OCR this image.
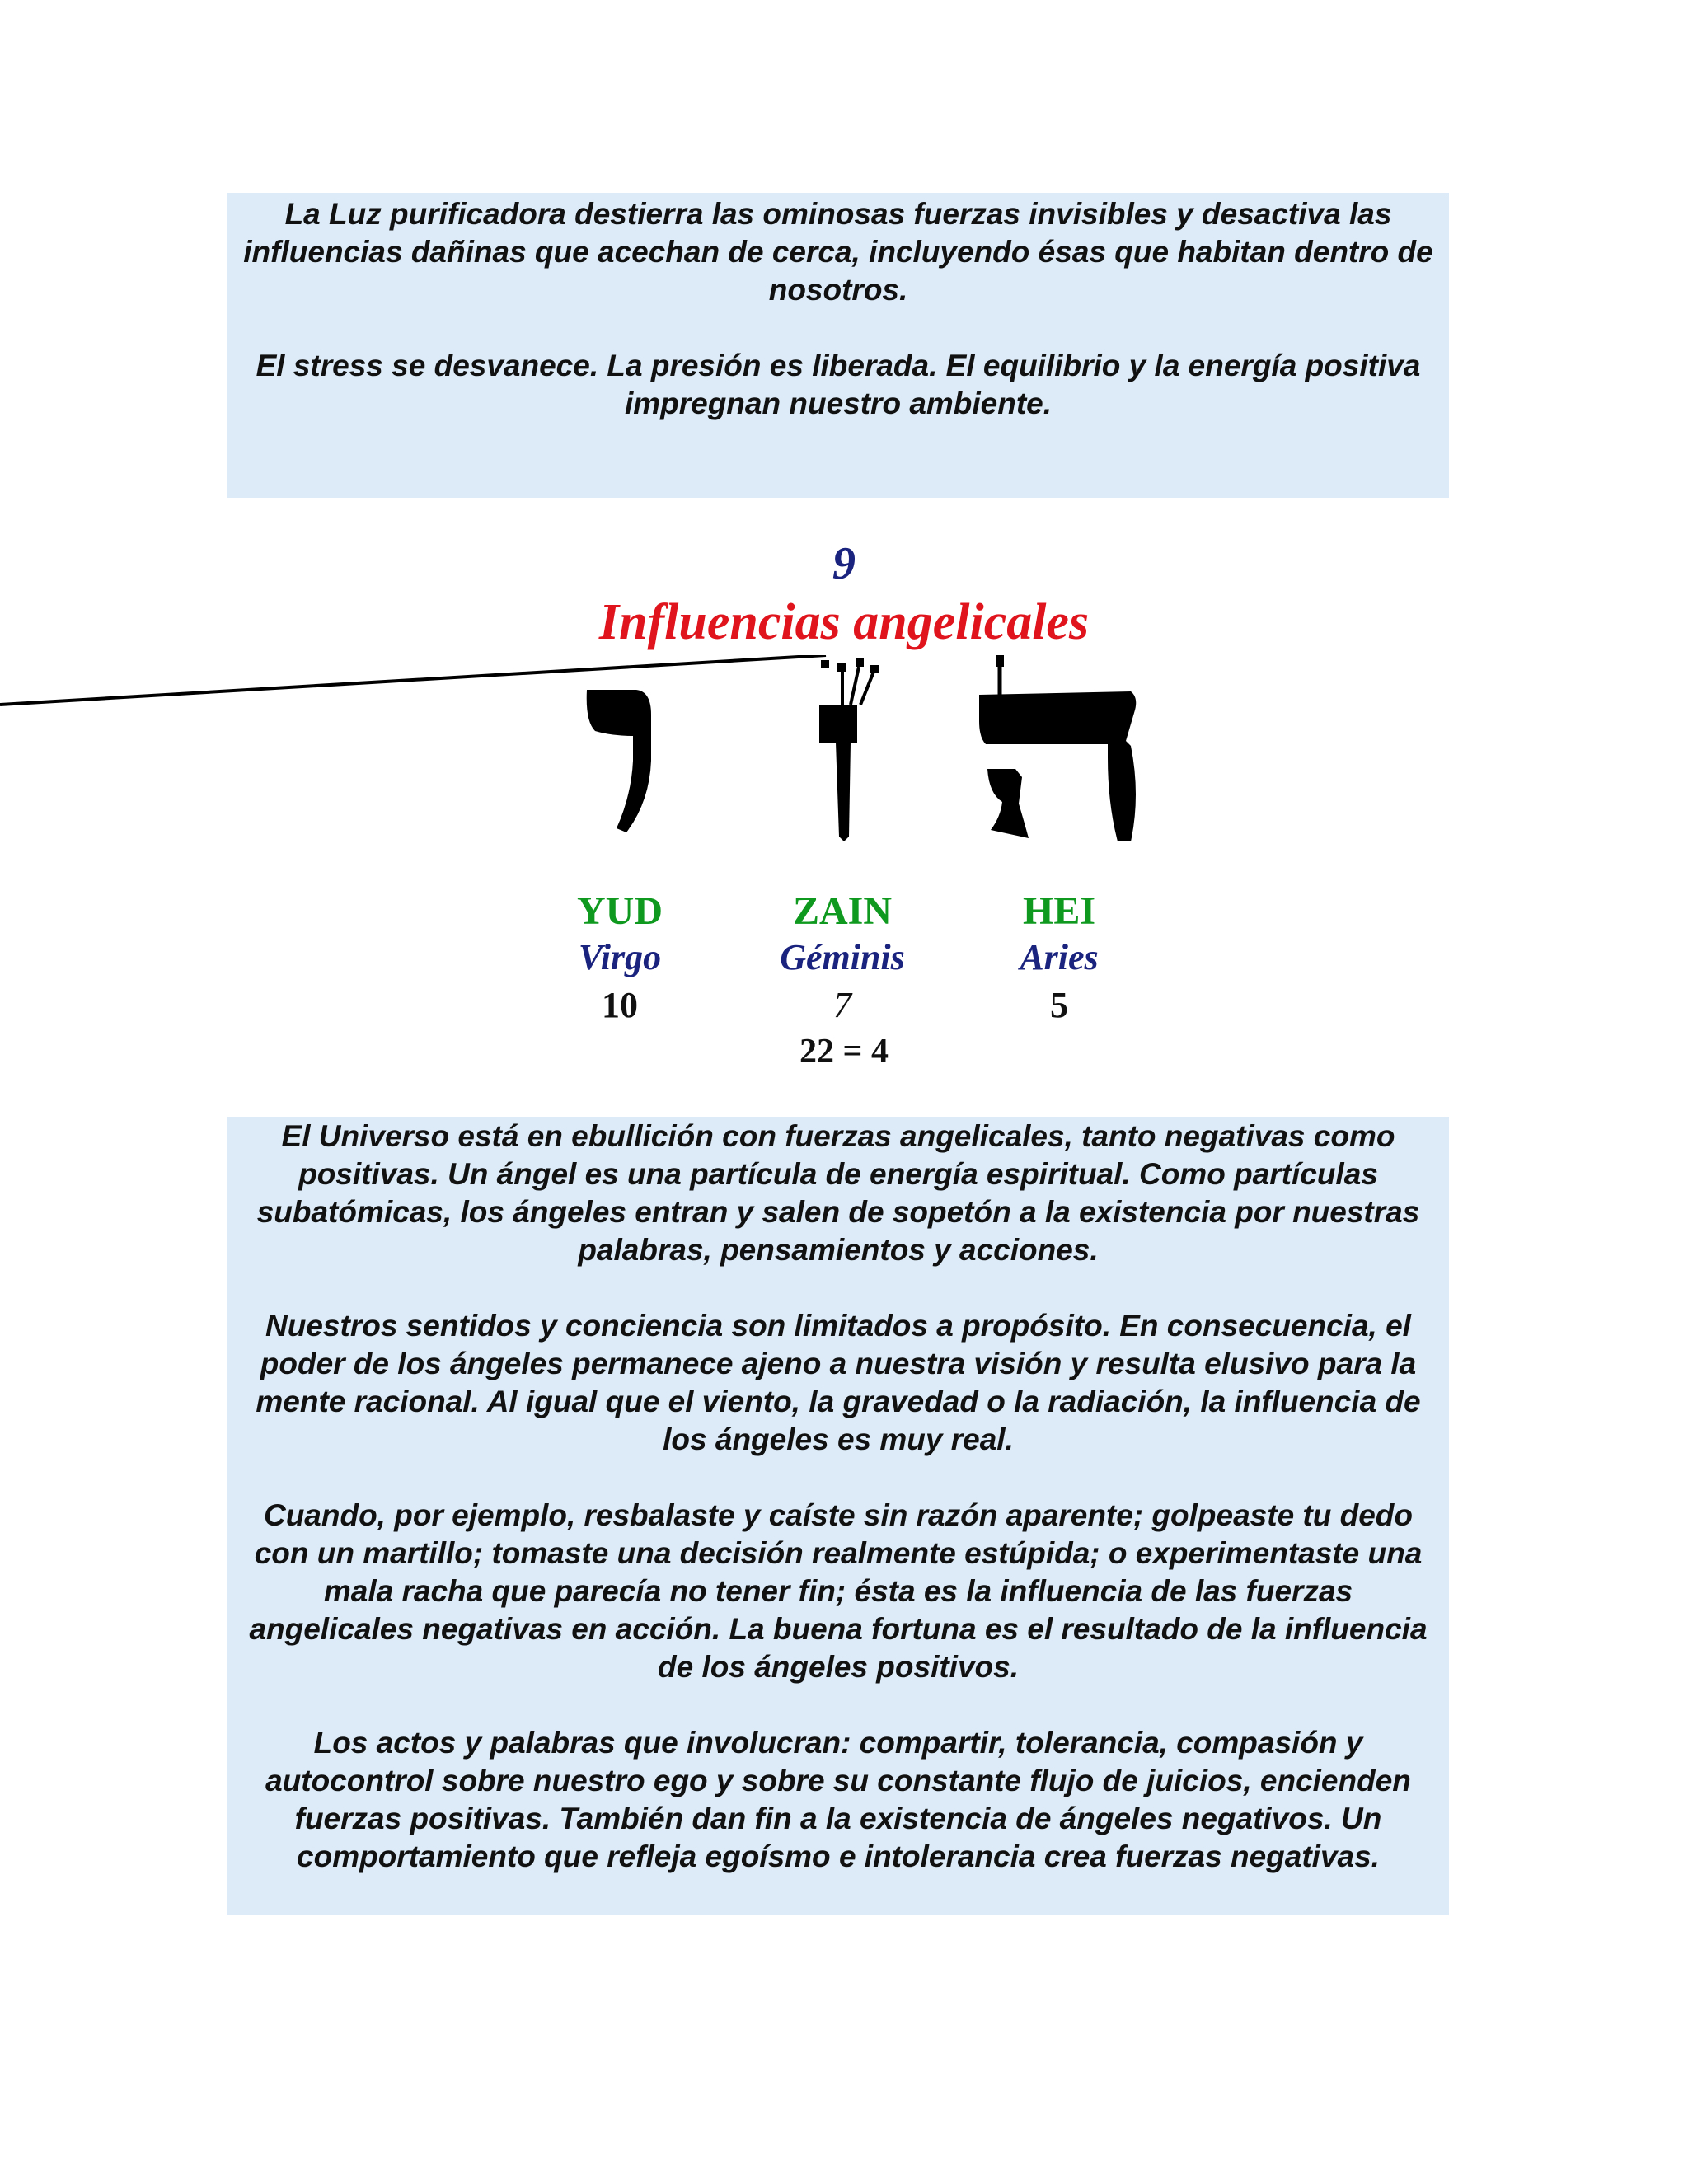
La Luz purificadora destierra las ominosas fuerzas invisibles y desactiva las influencias dañinas que acechan de cerca, incluyendo ésas que habitan dentro de nosotros.

El stress se desvanece. La presión es liberada. El equilibrio y la energía positiva impregnan nuestro ambiente.

9
Influencias angelicales
YUD
Virgo
10
ZAIN
Géminis
7
HEI
Aries
5
22 = 4

El Universo está en ebullición con fuerzas angelicales, tanto negativas como positivas. Un ángel es una partícula de energía espiritual. Como partículas subatómicas, los ángeles entran y salen de sopetón a la existencia por nuestras palabras, pensamientos y acciones.

Nuestros sentidos y conciencia son limitados a propósito. En consecuencia, el poder de los ángeles permanece ajeno a nuestra visión y resulta elusivo para la mente racional. Al igual que el viento, la gravedad o la radiación, la influencia de los ángeles es muy real.

Cuando, por ejemplo, resbalaste y caíste sin razón aparente; golpeaste tu dedo con un martillo; tomaste una decisión realmente estúpida; o experimentaste una mala racha que parecía no tener fin; ésta es la influencia de las fuerzas angelicales negativas en acción. La buena fortuna es el resultado de la influencia de los ángeles positivos.

Los actos y palabras que involucran: compartir, tolerancia, compasión y autocontrol sobre nuestro ego y sobre su constante flujo de juicios, encienden fuerzas positivas. También dan fin a la existencia de ángeles negativos. Un comportamiento que refleja egoísmo e intolerancia crea fuerzas negativas.
